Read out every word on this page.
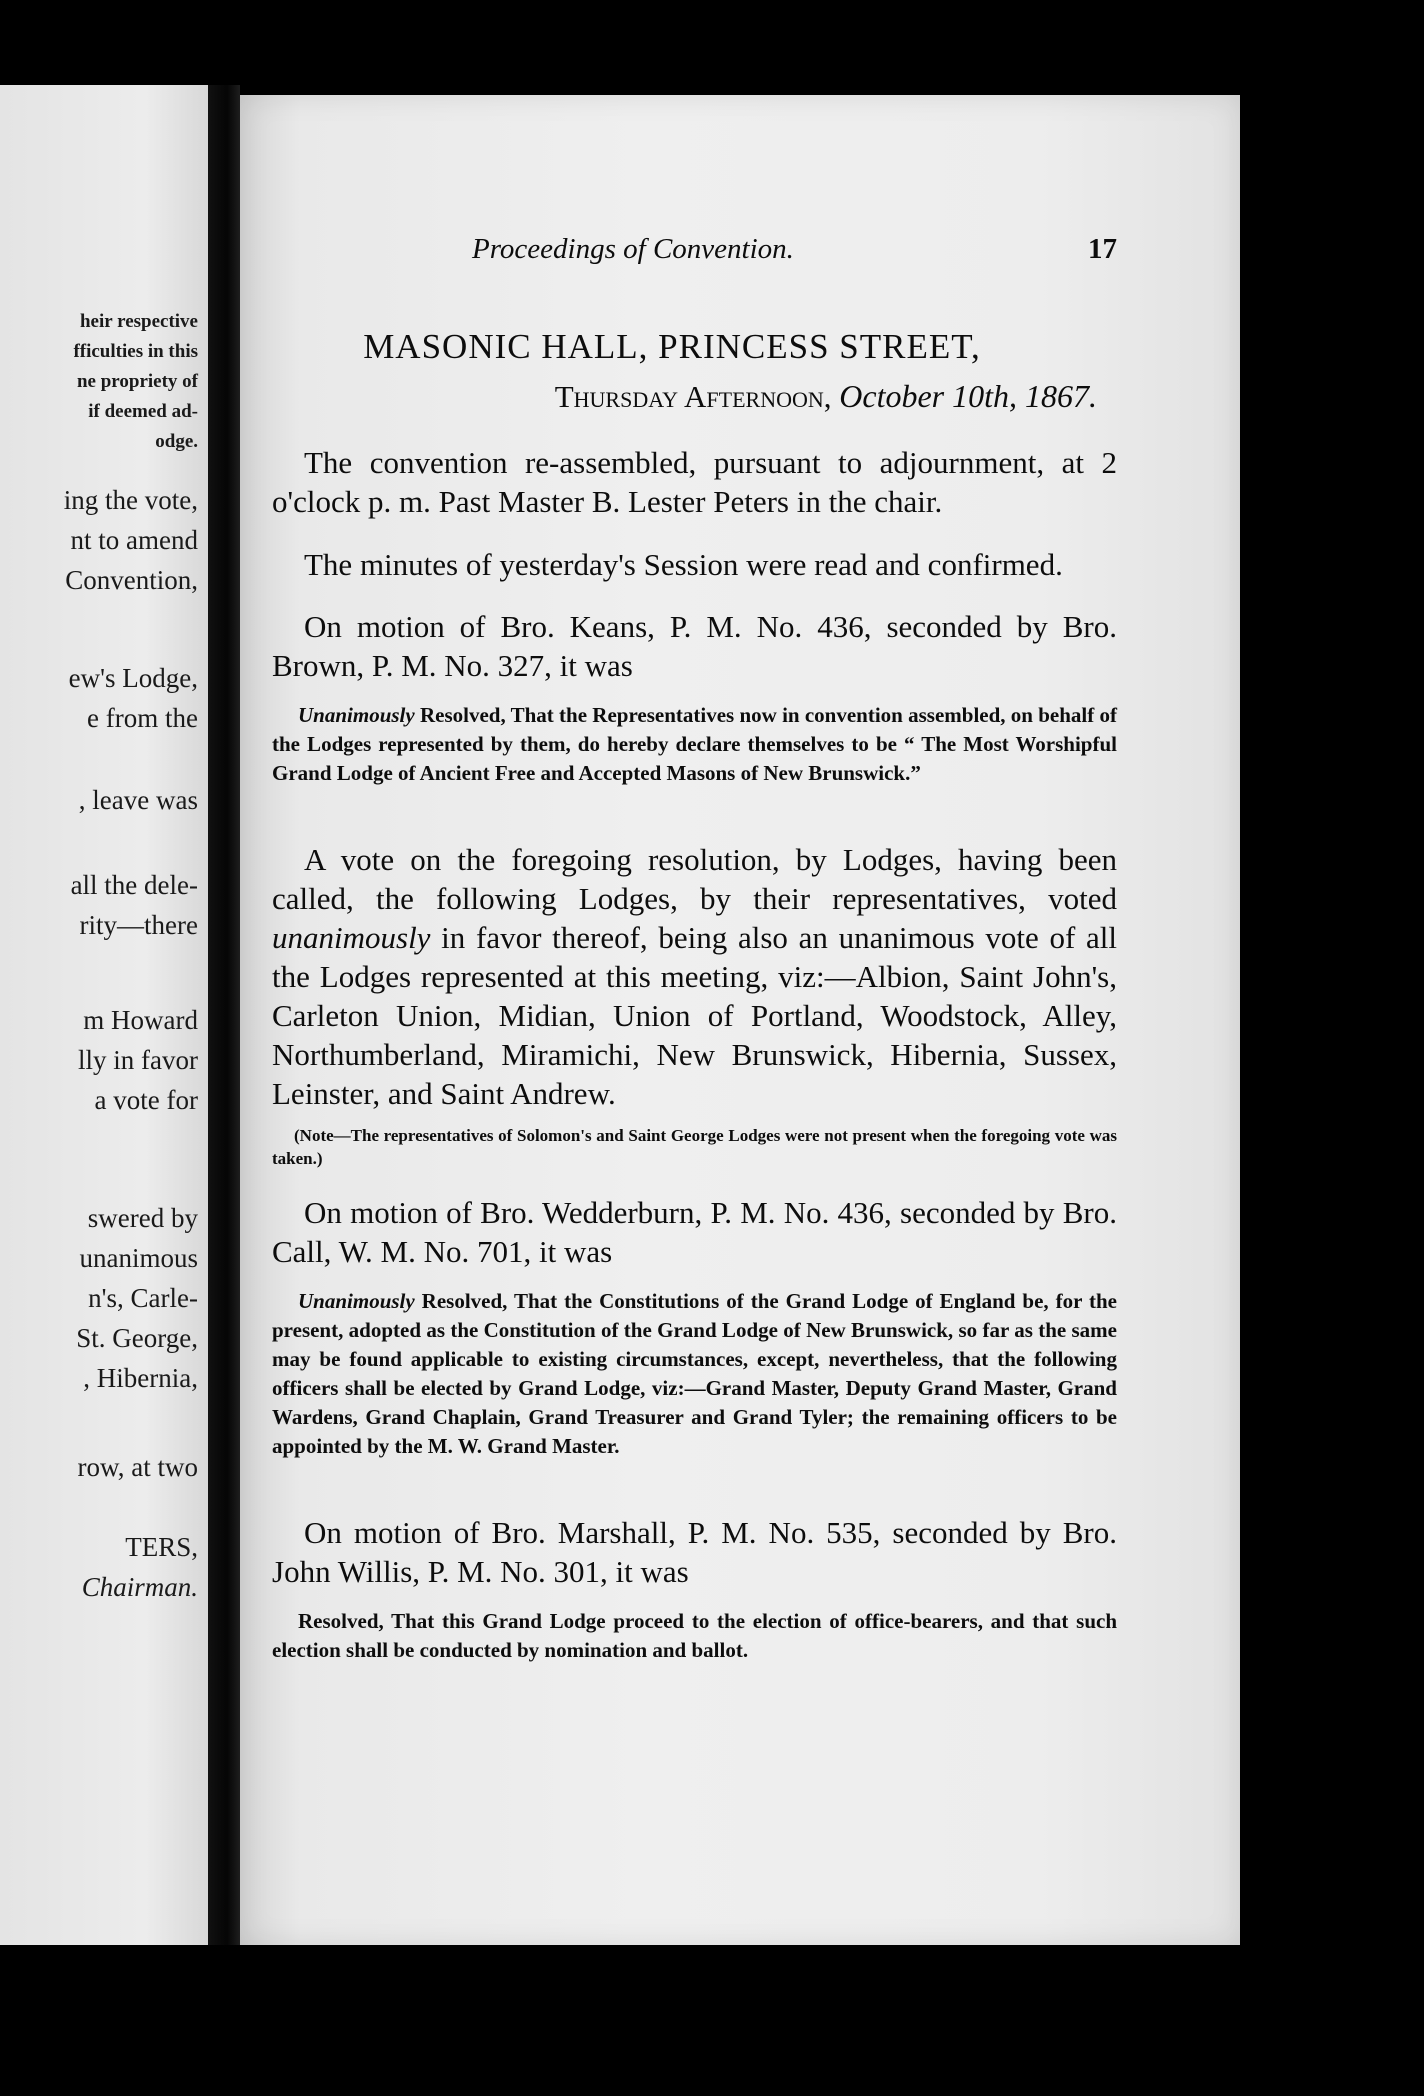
heir respective
fficulties in this
ne propriety of
if deemed ad-
odge.
ing the vote,
nt to amend
Convention,
ew's Lodge,
e from the
, leave was
all the dele-
rity—there
m Howard
lly in favor
a vote for
swered by
unanimous
n's, Carle-
St. George,
, Hibernia,
row, at two
TERS,
Chairman.
Proceedings of Convention.	17
MASONIC HALL, PRINCESS STREET,
Thursday Afternoon, October 10th, 1867.

The convention re-assembled, pursuant to adjournment, at 2 o'clock p. m. Past Master B. Lester Peters in the chair.

The minutes of yesterday's Session were read and confirmed.

On motion of Bro. Keans, P. M. No. 436, seconded by Bro. Brown, P. M. No. 327, it was

Unanimously Resolved, That the Representatives now in convention assembled, on behalf of the Lodges represented by them, do hereby declare themselves to be “ The Most Worshipful Grand Lodge of Ancient Free and Accepted Masons of New Brunswick.”

A vote on the foregoing resolution, by Lodges, having been called, the following Lodges, by their representatives, voted unanimously in favor thereof, being also an unanimous vote of all the Lodges represented at this meeting, viz:—Albion, Saint John's, Carleton Union, Midian, Union of Portland, Woodstock, Alley, Northumberland, Miramichi, New Brunswick, Hibernia, Sussex, Leinster, and Saint Andrew.

(Note—The representatives of Solomon's and Saint George Lodges were not present when the foregoing vote was taken.)

On motion of Bro. Wedderburn, P. M. No. 436, seconded by Bro. Call, W. M. No. 701, it was

Unanimously Resolved, That the Constitutions of the Grand Lodge of England be, for the present, adopted as the Constitution of the Grand Lodge of New Brunswick, so far as the same may be found applicable to existing circumstances, except, nevertheless, that the following officers shall be elected by Grand Lodge, viz:—Grand Master, Deputy Grand Master, Grand Wardens, Grand Chaplain, Grand Treasurer and Grand Tyler; the remaining officers to be appointed by the M. W. Grand Master.

On motion of Bro. Marshall, P. M. No. 535, seconded by Bro. John Willis, P. M. No. 301, it was

Resolved, That this Grand Lodge proceed to the election of office-bearers, and that such election shall be conducted by nomination and ballot.
